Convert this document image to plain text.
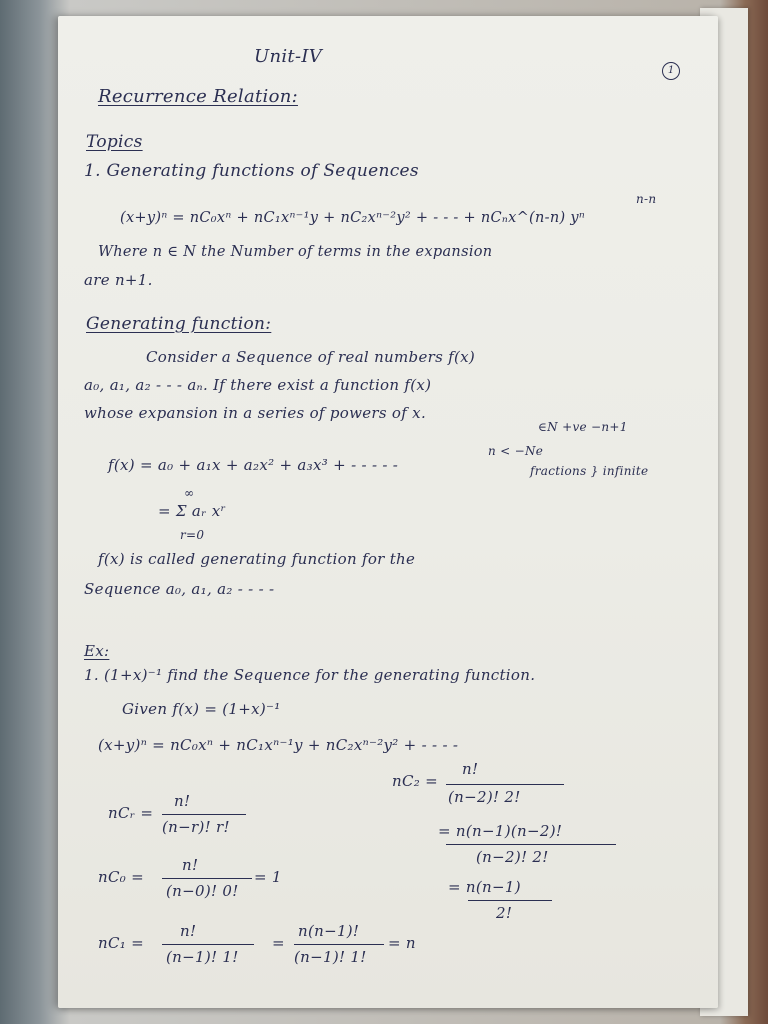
1
Unit-IV
Recurrence Relation:
Topics
1. Generating functions of Sequences
n-n
(x+y)ⁿ = nC₀xⁿ + nC₁xⁿ⁻¹y + nC₂xⁿ⁻²y² + - - - + nCₙx^(n-n) yⁿ
Where n ∈ N the Number of terms in the expansion
are n+1.
Generating function:
Consider a Sequence of real numbers f(x)
a₀, a₁, a₂ - - - aₙ. If there exist a function f(x)
whose expansion in a series of powers of x.
∈N +ve −n+1
n < −Ne
fractions } infinite
f(x) = a₀ + a₁x + a₂x² + a₃x³ + - - - - -
∞
= Σ aᵣ xʳ
r=0
f(x) is called generating function for the
Sequence a₀, a₁, a₂ - - - -
Ex:
1. (1+x)⁻¹ find the Sequence for the generating function.
Given f(x) = (1+x)⁻¹
(x+y)ⁿ = nC₀xⁿ + nC₁xⁿ⁻¹y + nC₂xⁿ⁻²y² + - - - -
nCᵣ =
n!
(n−r)! r!
nC₂ =
n!
(n−2)! 2!
= n(n−1)(n−2)!
(n−2)! 2!
= n(n−1)
2!
nC₀ =
n!
(n−0)! 0!
= 1
nC₁ =
n!
(n−1)! 1!
=
n(n−1)!
(n−1)! 1!
= n
